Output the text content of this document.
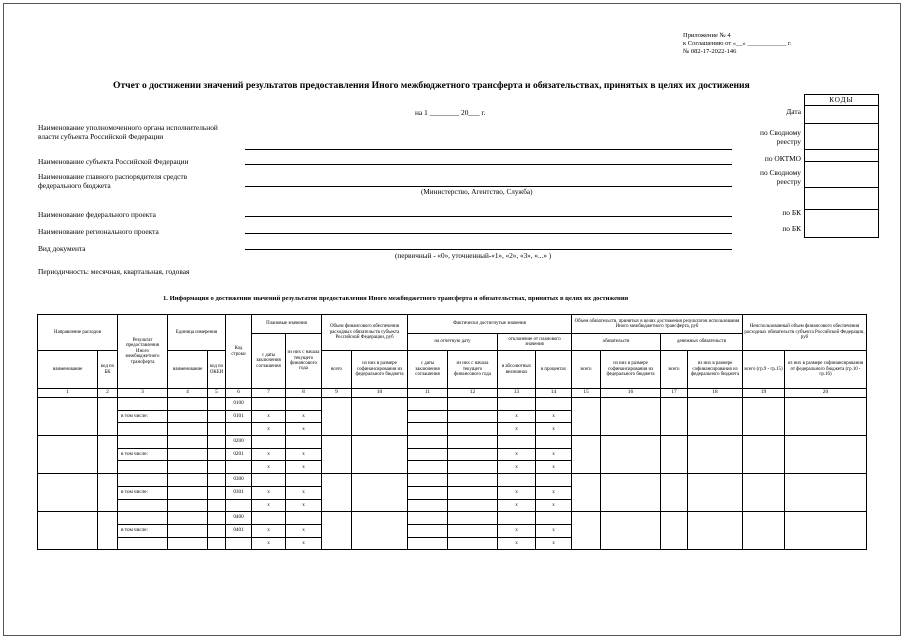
Приложение № 4
к Соглашению от «__» ____________ г.
№ 082-17-2022-146
Отчет о достижении значений результатов предоставления Иного межбюджетного трансферта и обязательствах, принятых в целях их достижения
КОДЫ
на 1 ________ 20___ г.	Дата
по Сводному реестру
по ОКТМО
по Сводному реестру
по БК
по БК
Наименование уполномоченного органа исполнительной власти субъекта Российской Федерации
Наименование субъекта Российской Федерации
Наименование главного распорядителя средств федерального бюджета
(Министерство, Агентство, Служба)
Наименование федерального проекта
Наименование регионального проекта
Вид документа
(первичный - «0», уточненный-«1», «2», «3», «...» )
Периодичность: месячная, квартальная, годовая
1. Информация о достижении значений результатов предоставления Иного межбюджетного трансферта и обязательствах, принятых в целях их достижения
Направление расходов		Результат предоставления Иного межбюджетного трансферта	Единица измерения		Код строки	Плановые значения		Объем финансового обеспечения расходных обязательств субъекта Российской Федерации, руб		Фактически достигнутые значения				Объем обязательств, принятых в целях достижения результатов использования Иного межбюджетного трансферта, руб				Неиспользованный объем финансового обеспечения расходных обязательств субъекта Российской Федерации, руб	
						с даты заключения соглашения	из них с начала текущего финансового года			на отчетную дату		отклонение от планового значения		обязательств		денежных обязательств			
наименование	код по БК		наименование	код по ОКЕИ				всего	из них в размере софинансирования из федерального бюджета	с даты заключения соглашения	из них с начала текущего финансового года	в абсолютных величинах	в процентах	всего	из них в размере софинансирования из федерального бюджета	всего	из них в размере софинансирования из федерального бюджета	всего (гр.9 - гр.15)	из них в размере софинансирования от федерального бюджета (гр.10 - гр.16)
1	2	3	4	5	6	7	8	9	10	11	12	13	14	15	16	17	18	19	20
					0100														
		в том числе:			0101	x	x					x	x						
						x	x					x	x						
					0200														
		в том числе:			0201	x	x					x	x						
						x	x					x	x						
					0300														
		в том числе:			0301	x	x					x	x						
						x	x					x	x						
					0400														
		в том числе:			0401	x	x					x	x						
						x	x					x	x						
